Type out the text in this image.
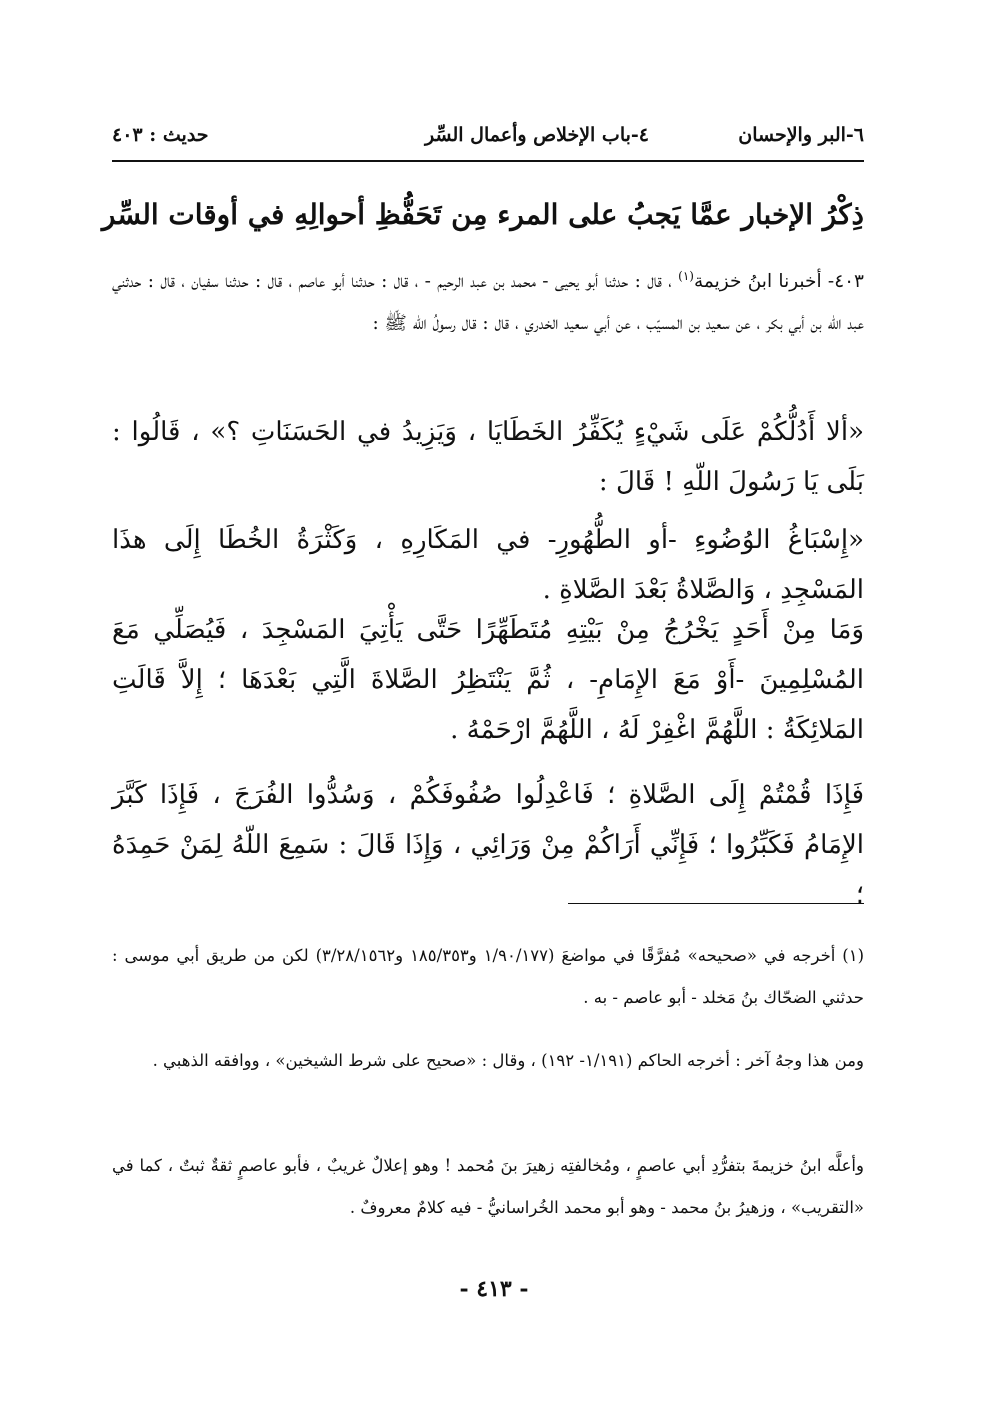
٦-البر والإحسان
٤-باب الإخلاص وأعمال السِّر
حديث : ٤٠٣
ذِكْرُ الإخبار عمَّا يَجبُ على المرء مِن تَحَفُّظِ أحوالِهِ في أوقات السِّر
٤٠٣- أخبرنا ابنُ خزيمة$^{(١)}$ ، قال : حدثنا أبو يحيى - محمد بن عبد الرحيم - ، قال : حدثنا أبو عاصم ، قال : حدثنا سفيان ، قال : حدثني عبد اللّه بن أبي بكر ، عن سعيد بن المسيّب ، عن أبي سعيد الخدري ، قال : قال رسولُ اللّه ﷺ :
«ألا أَدُلُّكُمْ عَلَى شَيْءٍ يُكَفِّرُ الخَطَايَا ، وَيَزِيدُ في الحَسَنَاتِ ؟» ، قَالُوا : بَلَى يَا رَسُولَ اللّهِ ! قَالَ :
«إِسْبَاغُ الوُضُوءِ -أو الطُّهُورِ- في المَكَارِهِ ، وَكَثْرَةُ الخُطَا إِلَى هذَا المَسْجِدِ ، وَالصَّلاةُ بَعْدَ الصَّلاةِ .
وَمَا مِنْ أَحَدٍ يَخْرُجُ مِنْ بَيْتِهِ مُتَطَهِّرًا حَتَّى يَأْتِيَ المَسْجِدَ ، فَيُصَلِّي مَعَ المُسْلِمِينَ -أَوْ مَعَ الإِمَامِ- ، ثُمَّ يَنْتَظِرُ الصَّلاةَ الَّتِي بَعْدَهَا ؛ إِلاَّ قَالَتِ المَلائِكَةُ : اللَّهُمَّ اغْفِرْ لَهُ ، اللَّهُمَّ ارْحَمْهُ .
فَإِذَا قُمْتُمْ إِلَى الصَّلاةِ ؛ فَاعْدِلُوا صُفُوفَكُمْ ، وَسُدُّوا الفُرَجَ ، فَإِذَا كَبَّرَ الإِمَامُ فَكَبِّرُوا ؛ فَإِنِّي أَرَاكُمْ مِنْ وَرَائِي ، وَإِذَا قَالَ : سَمِعَ اللّهُ لِمَنْ حَمِدَهُ ؛
(١) أخرجه في «صحيحه» مُفرَّقًا في مواضعَ (١/٩٠/١٧٧ و١٨٥/٣٥٣ و٣/٢٨/١٥٦٢) لكن من طريق أبي موسى : حدثني الضحّاك بنُ مَخلد - أبو عاصم - به .
ومن هذا وجهُ آخر : أخرجه الحاكم (١/١٩١- ١٩٢) ، وقال : «صحيح على شرط الشيخين» ، ووافقه الذهبي .
وأعلَّه ابنُ خزيمةَ بتفرُّدِ أبي عاصمٍ ، ومُخالفتِه زهيرَ بنَ مُحمد ! وهو إعلالٌ غريبٌ ، فأبو عاصمٍ ثقةٌ ثبتٌ ، كما في «التقريب» ، وزهيرُ بنُ محمد - وهو أبو محمد الخُراسانيُّ - فيه كلامٌ معروفٌ .
- ٤١٣ -
